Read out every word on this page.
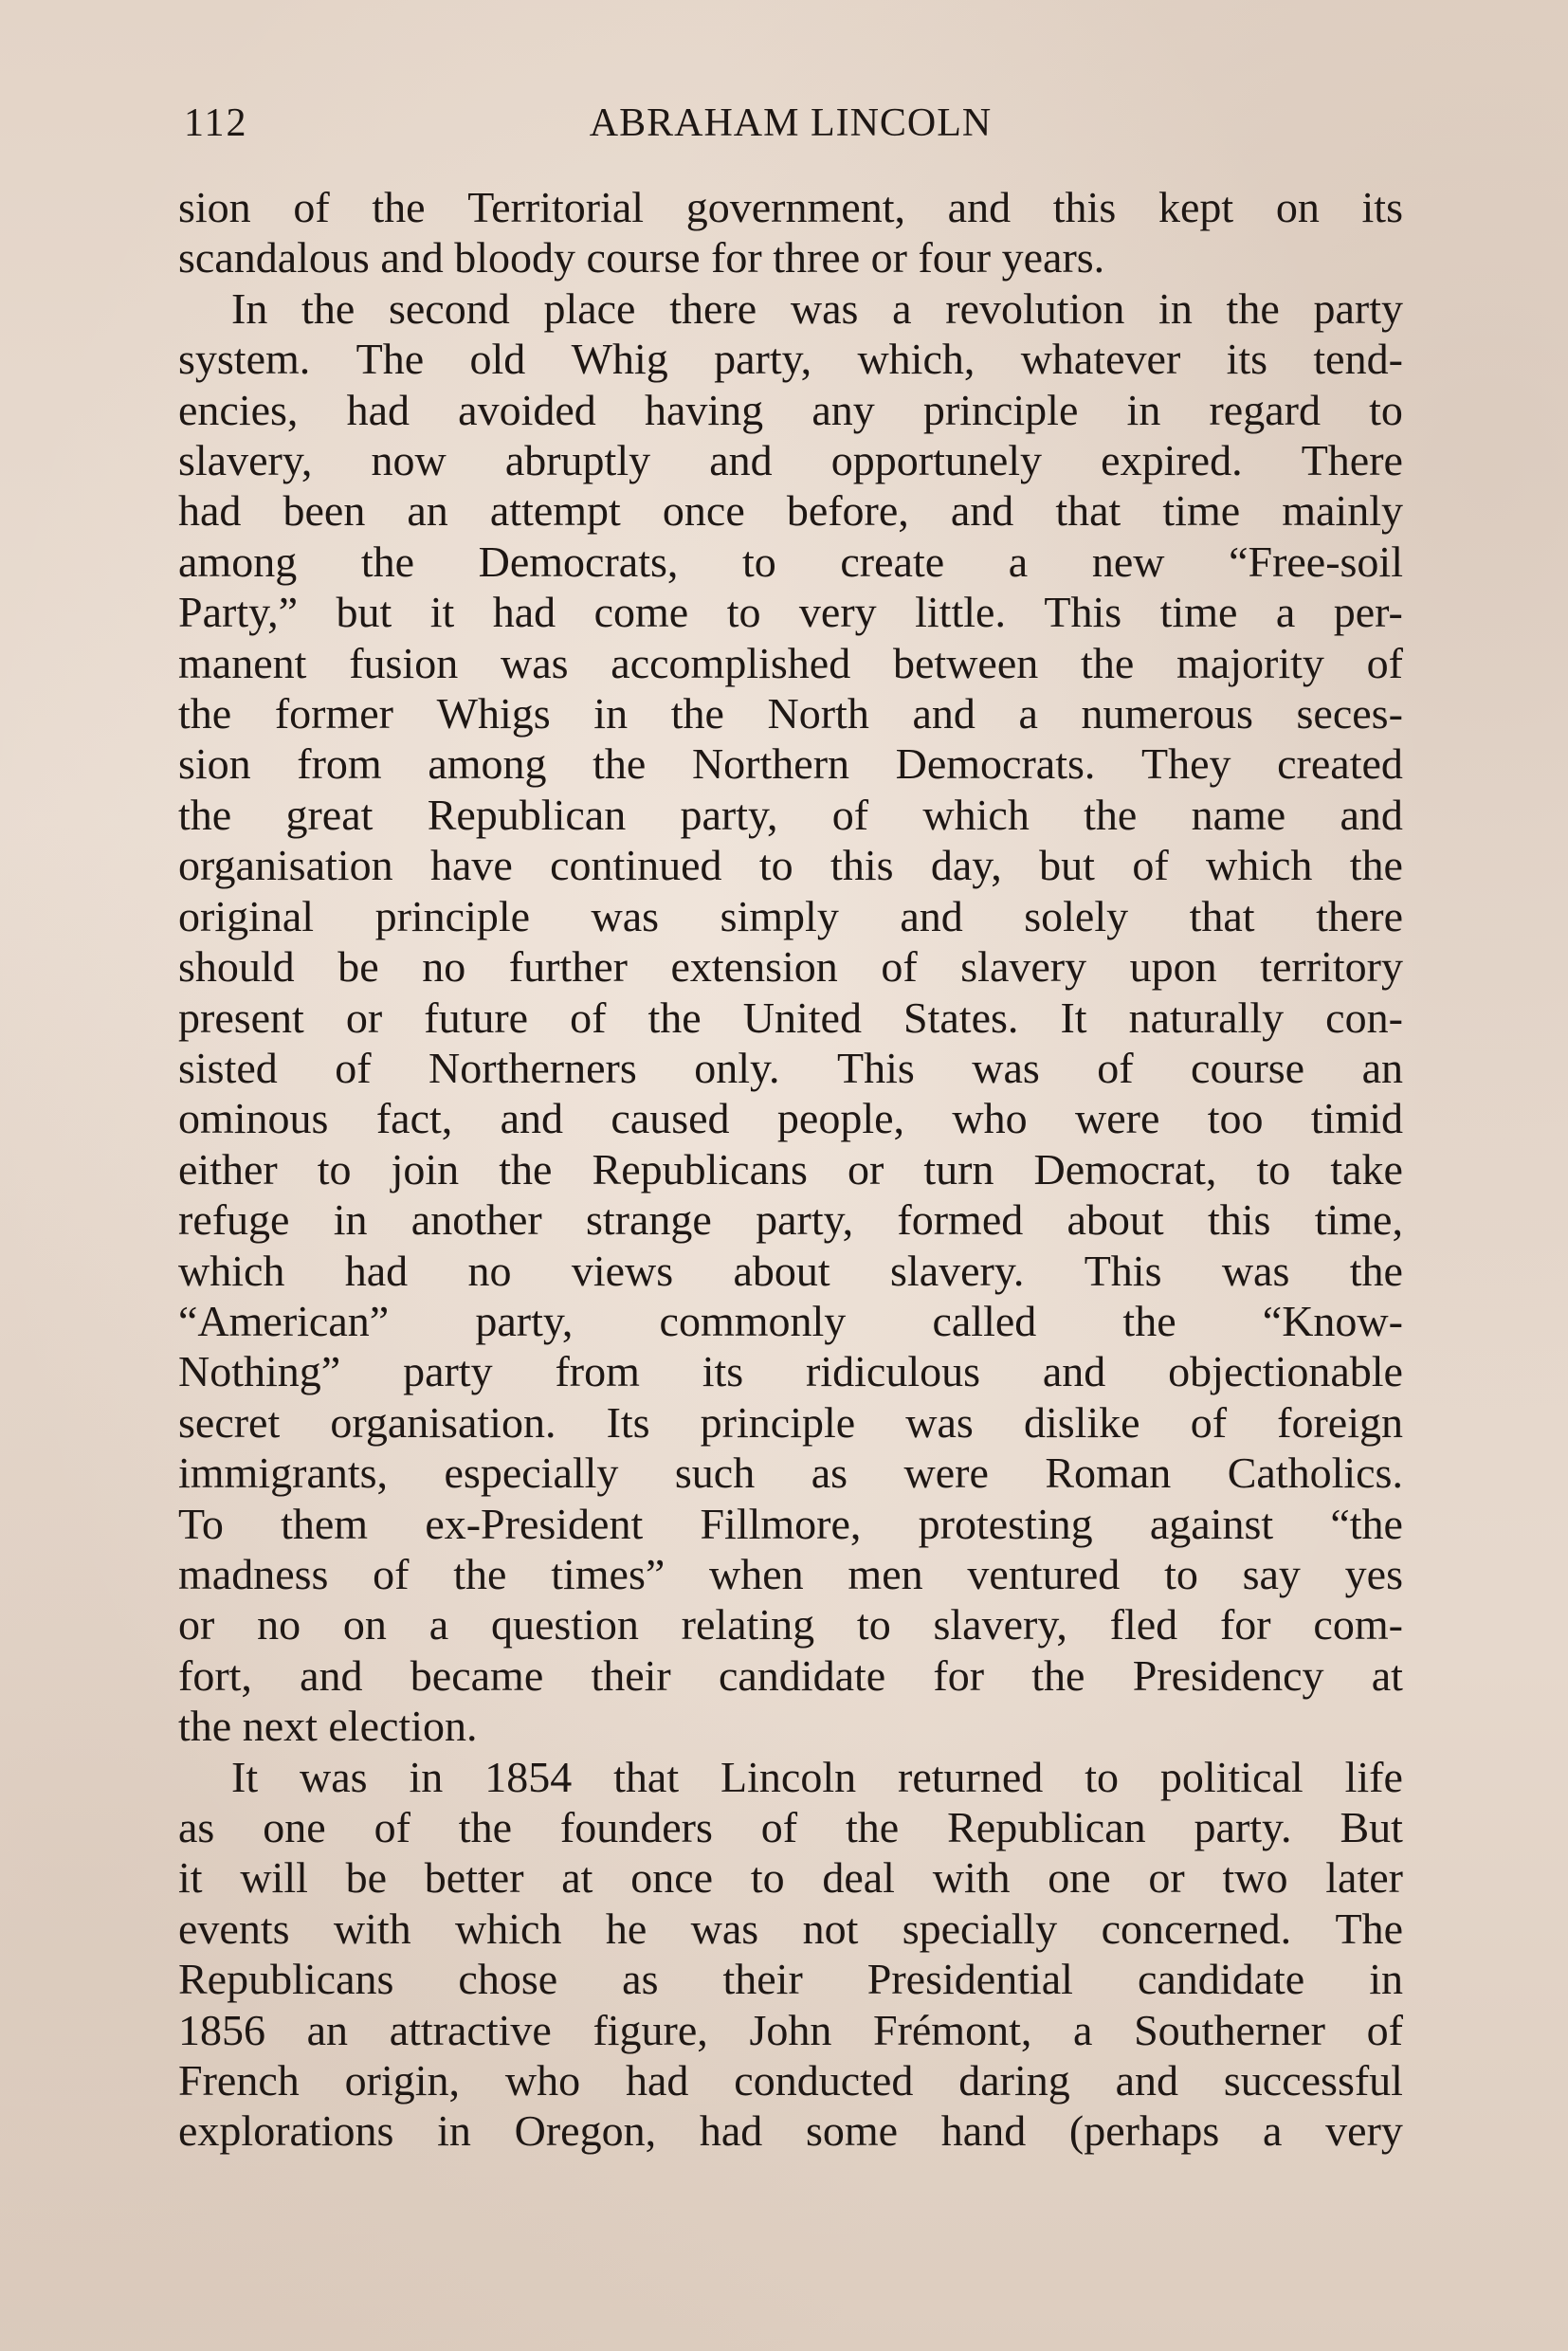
112	ABRAHAM LINCOLN

sion of the Territorial government, and this kept on its
scandalous and bloody course for three or four years.

In the second place there was a revolution in the party
system. The old Whig party, which, whatever its tend-
encies, had avoided having any principle in regard to
slavery, now abruptly and opportunely expired. There
had been an attempt once before, and that time mainly
among the Democrats, to create a new “Free-soil
Party,” but it had come to very little. This time a per-
manent fusion was accomplished between the majority of
the former Whigs in the North and a numerous seces-
sion from among the Northern Democrats. They created
the great Republican party, of which the name and
organisation have continued to this day, but of which the
original principle was simply and solely that there
should be no further extension of slavery upon territory
present or future of the United States. It naturally con-
sisted of Northerners only. This was of course an
ominous fact, and caused people, who were too timid
either to join the Republicans or turn Democrat, to take
refuge in another strange party, formed about this time,
which had no views about slavery. This was the
“American” party, commonly called the “Know-
Nothing” party from its ridiculous and objectionable
secret organisation. Its principle was dislike of foreign
immigrants, especially such as were Roman Catholics.
To them ex-President Fillmore, protesting against “the
madness of the times” when men ventured to say yes
or no on a question relating to slavery, fled for com-
fort, and became their candidate for the Presidency at
the next election.

It was in 1854 that Lincoln returned to political life
as one of the founders of the Republican party. But
it will be better at once to deal with one or two later
events with which he was not specially concerned. The
Republicans chose as their Presidential candidate in
1856 an attractive figure, John Frémont, a Southerner of
French origin, who had conducted daring and successful
explorations in Oregon, had some hand (perhaps a very
